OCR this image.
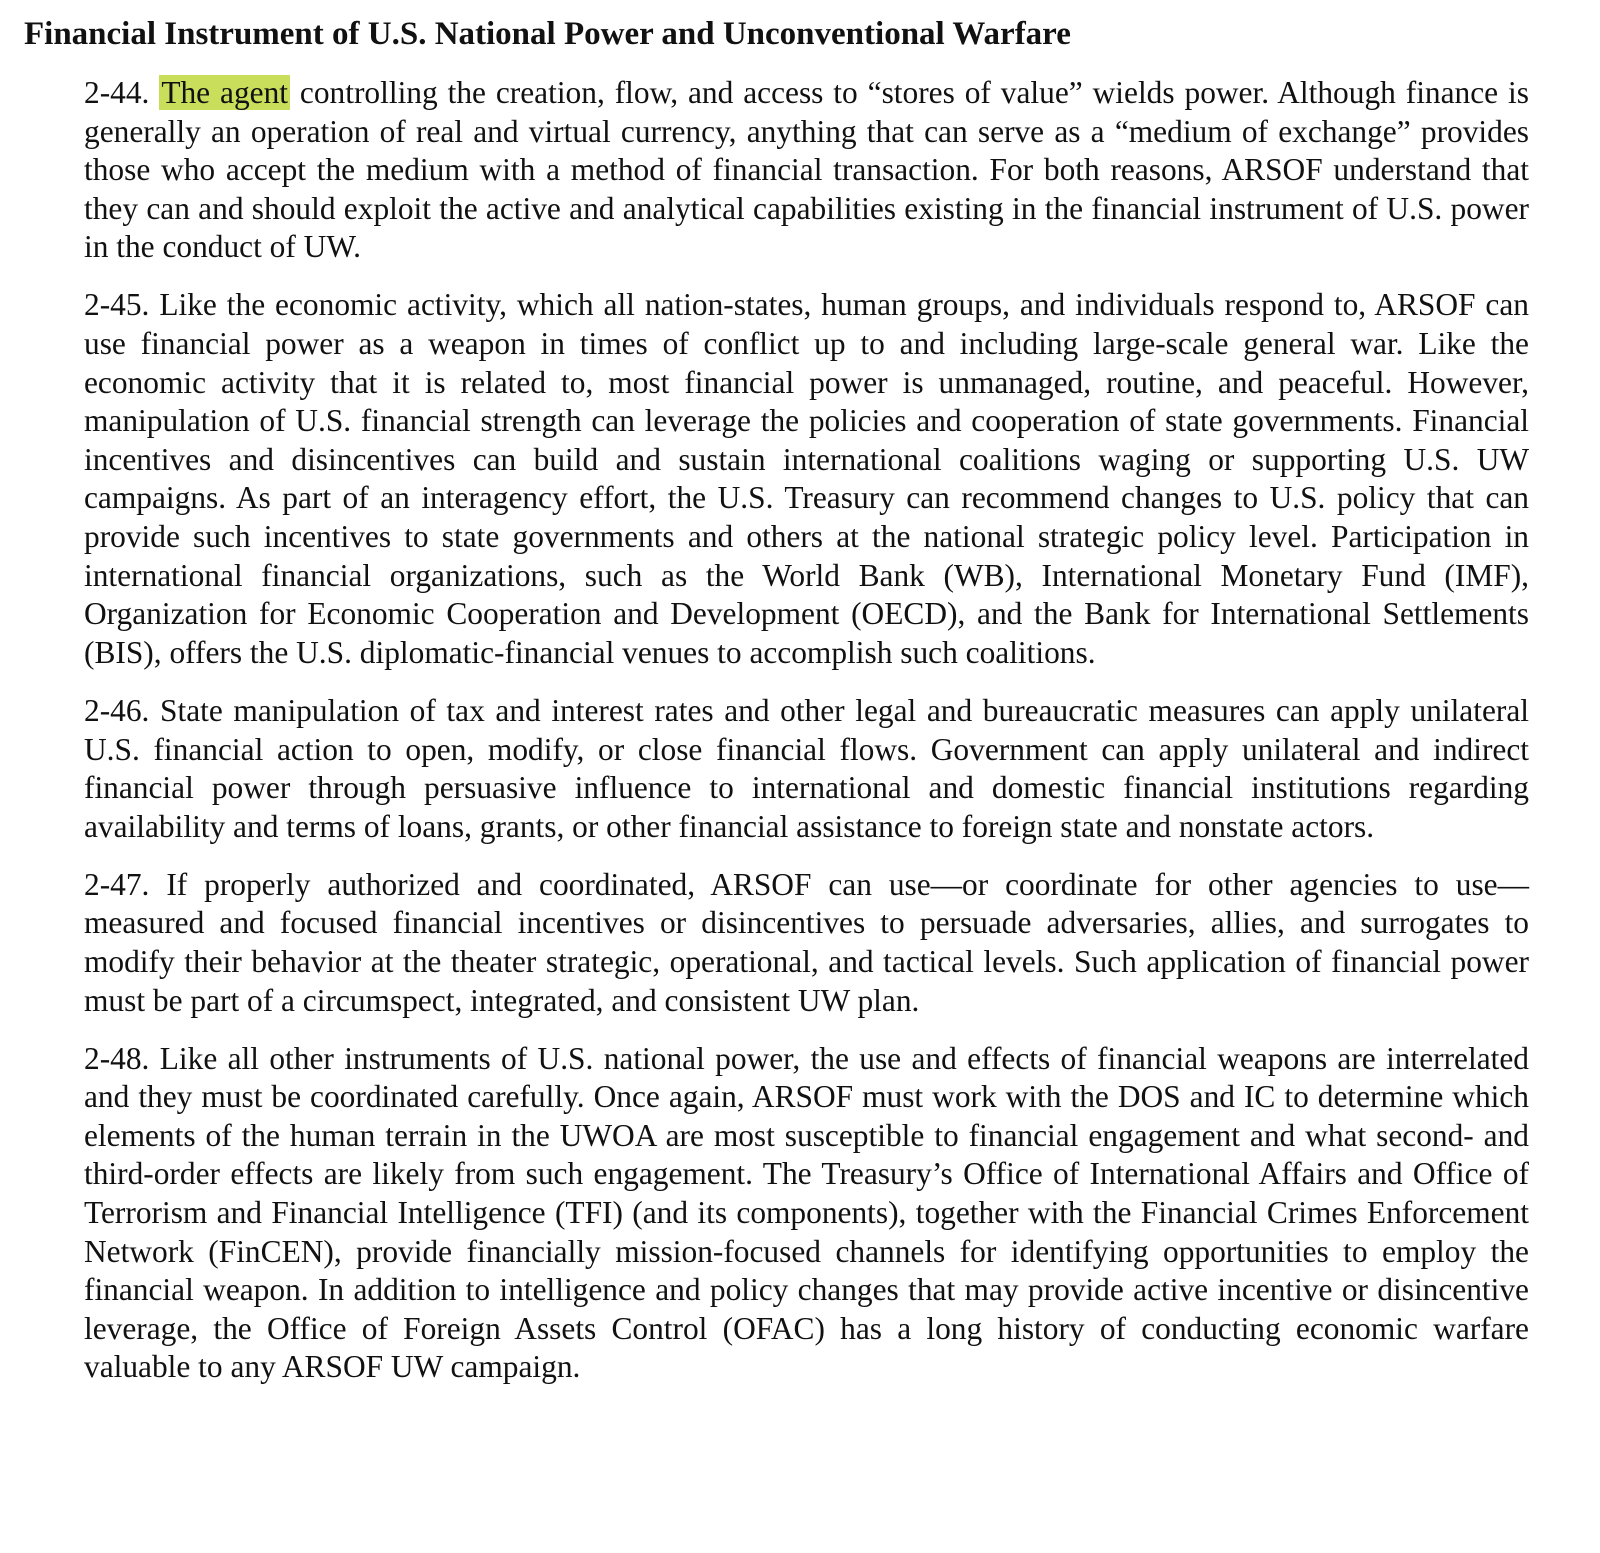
Financial Instrument of U.S. National Power and Unconventional Warfare

2-44. The agent controlling the creation, flow, and access to “stores of value” wields power. Although finance is generally an operation of real and virtual currency, anything that can serve as a “medium of exchange” provides those who accept the medium with a method of financial transaction. For both reasons, ARSOF understand that they can and should exploit the active and analytical capabilities existing in the financial instrument of U.S. power in the conduct of UW.

2-45. Like the economic activity, which all nation-states, human groups, and individuals respond to, ARSOF can use financial power as a weapon in times of conflict up to and including large-scale general war. Like the economic activity that it is related to, most financial power is unmanaged, routine, and peaceful. However, manipulation of U.S. financial strength can leverage the policies and cooperation of state governments. Financial incentives and disincentives can build and sustain international coalitions waging or supporting U.S. UW campaigns. As part of an interagency effort, the U.S. Treasury can recommend changes to U.S. policy that can provide such incentives to state governments and others at the national strategic policy level. Participation in international financial organizations, such as the World Bank (WB), International Monetary Fund (IMF), Organization for Economic Cooperation and Development (OECD), and the Bank for International Settlements (BIS), offers the U.S. diplomatic-financial venues to accomplish such coalitions.

2-46. State manipulation of tax and interest rates and other legal and bureaucratic measures can apply unilateral U.S. financial action to open, modify, or close financial flows. Government can apply unilateral and indirect financial power through persuasive influence to international and domestic financial institutions regarding availability and terms of loans, grants, or other financial assistance to foreign state and nonstate actors.

2-47. If properly authorized and coordinated, ARSOF can use—or coordinate for other agencies to use— measured and focused financial incentives or disincentives to persuade adversaries, allies, and surrogates to modify their behavior at the theater strategic, operational, and tactical levels. Such application of financial power must be part of a circumspect, integrated, and consistent UW plan.

2-48. Like all other instruments of U.S. national power, the use and effects of financial weapons are interrelated and they must be coordinated carefully. Once again, ARSOF must work with the DOS and IC to determine which elements of the human terrain in the UWOA are most susceptible to financial engagement and what second- and third-order effects are likely from such engagement. The Treasury’s Office of International Affairs and Office of Terrorism and Financial Intelligence (TFI) (and its components), together with the Financial Crimes Enforcement Network (FinCEN), provide financially mission-focused channels for identifying opportunities to employ the financial weapon. In addition to intelligence and policy changes that may provide active incentive or disincentive leverage, the Office of Foreign Assets Control (OFAC) has a long history of conducting economic warfare valuable to any ARSOF UW campaign.
